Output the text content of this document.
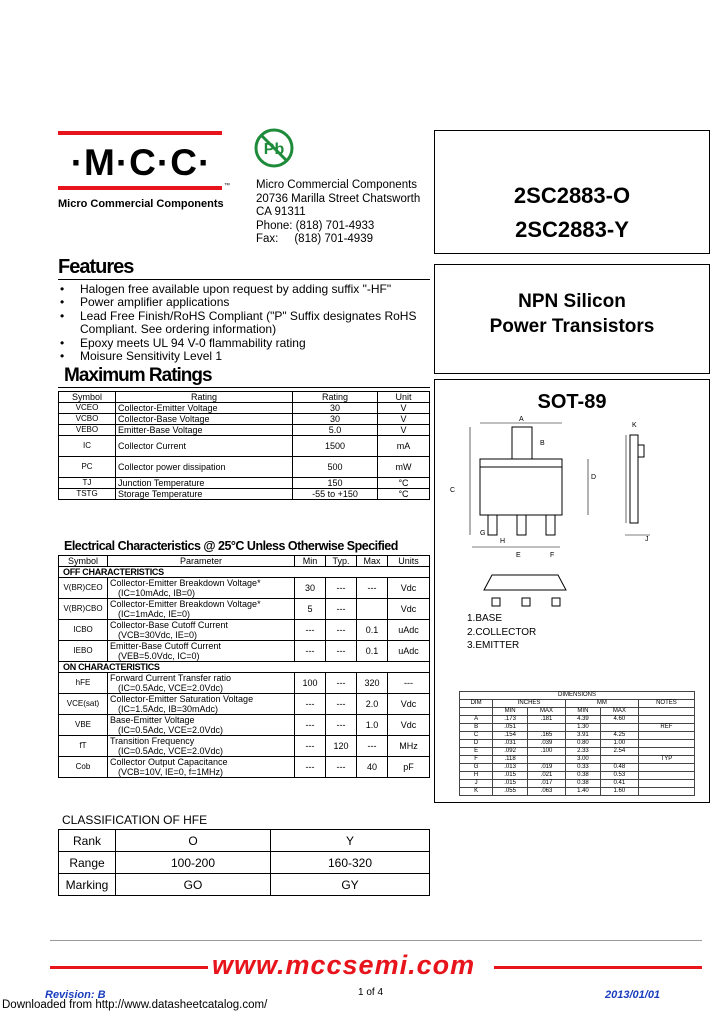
·M·C·C·
™
Micro Commercial Components
Pb
Micro Commercial Components
20736 Marilla Street Chatsworth
CA 91311
Phone: (818) 701-4933
Fax:     (818) 701-4939
2SC2883-O
2SC2883-Y
NPN Silicon
Power Transistors
SOT-89
A
B
C
D
E	F
G
H	J
K
1.BASE
2.COLLECTOR
3.EMITTER
DIMENSIONS					
DIM	INCHES		MM		NOTES
	MIN	MAX	MIN	MAX	
A	.173	.181	4.39	4.60	
B	.051		1.30		REF
C	.154	.165	3.91	4.25	
D	.031	.039	0.80	1.00	
E	.092	.100	2.33	2.54	
F	.118		3.00		TYP
G	.013	.019	0.33	0.48	
H	.015	.021	0.38	0.53	
J	.015	.017	0.38	0.41	
K	.055	.063	1.40	1.60	
Features
• Halogen free available upon request by adding suffix "-HF"
• Power amplifier applications
• Lead Free Finish/RoHS Compliant ("P" Suffix designates RoHS Compliant. See ordering information)
• Epoxy meets UL 94 V-0 flammability rating
• Moisure Sensitivity Level 1
Maximum Ratings
Symbol	Rating	Rating	Unit
VCEO	Collector-Emitter Voltage	30	V
VCBO	Collector-Base Voltage	30	V
VEBO	Emitter-Base Voltage	5.0	V
IC	Collector Current	1500	mA
PC	Collector power dissipation	500	mW
TJ	Junction Temperature	150	°C
TSTG	Storage Temperature	-55 to +150	°C
Electrical Characteristics @ 25°C Unless Otherwise Specified
Symbol	Parameter	Min	Typ.	Max	Units
OFF CHARACTERISTICS					
V(BR)CEO	Collector-Emitter Breakdown Voltage*
(IC=10mAdc, IB=0)	30	---	---	Vdc
V(BR)CBO	Collector-Emitter Breakdown Voltage*
(IC=1mAdc, IE=0)	5	---		Vdc
ICBO	Collector-Base Cutoff Current
(VCB=30Vdc, IE=0)	---	---	0.1	uAdc
IEBO	Emitter-Base Cutoff Current
(VEB=5.0Vdc, IC=0)	---	---	0.1	uAdc
ON CHARACTERISTICS					
hFE	Forward Current Transfer ratio
(IC=0.5Adc, VCE=2.0Vdc)	100	---	320	---
VCE(sat)	Collector-Emitter Saturation Voltage
(IC=1.5Adc, IB=30mAdc)	---	---	2.0	Vdc
VBE	Base-Emitter Voltage
(IC=0.5Adc, VCE=2.0Vdc)	---	---	1.0	Vdc
fT	Transition Frequency
(IC=0.5Adc, VCE=2.0Vdc)	---	120	---	MHz
Cob	Collector Output Capacitance
(VCB=10V, IE=0, f=1MHz)	---	---	40	pF
CLASSIFICATION OF HFE
Rank	O	Y
Range	100-200	160-320
Marking	GO	GY
www.mccsemi.com
Revision: B	1 of 4	2013/01/01
Downloaded from http://www.datasheetcatalog.com/
